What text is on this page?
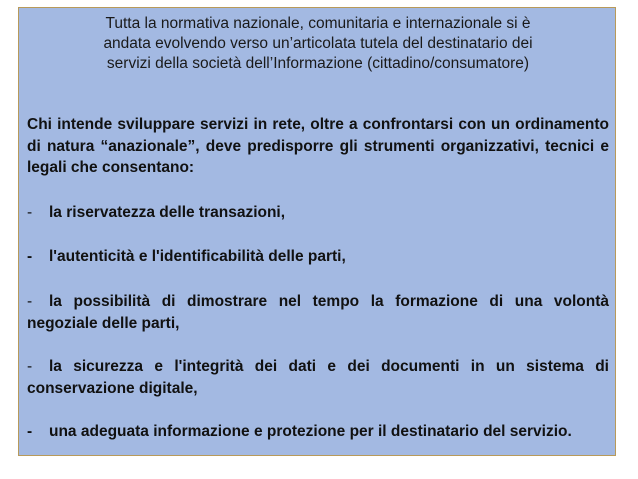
Tutta la normativa nazionale, comunitaria e internazionale si è
andata evolvendo verso un’articolata tutela del destinatario dei
servizi della società dell’Informazione (cittadino/consumatore)
Chi intende sviluppare servizi in rete, oltre a confrontarsi con un ordinamento di natura “anazionale”, deve predisporre gli strumenti organizzativi, tecnici e legali che consentano:
- la riservatezza delle transazioni,
- l'autenticità e l'identificabilità delle parti,
- la possibilità di dimostrare nel tempo la formazione di una volontà negoziale delle parti,
- la sicurezza e l'integrità dei dati e dei documenti in un sistema di conservazione digitale,
- una adeguata informazione e protezione per il destinatario del servizio.
